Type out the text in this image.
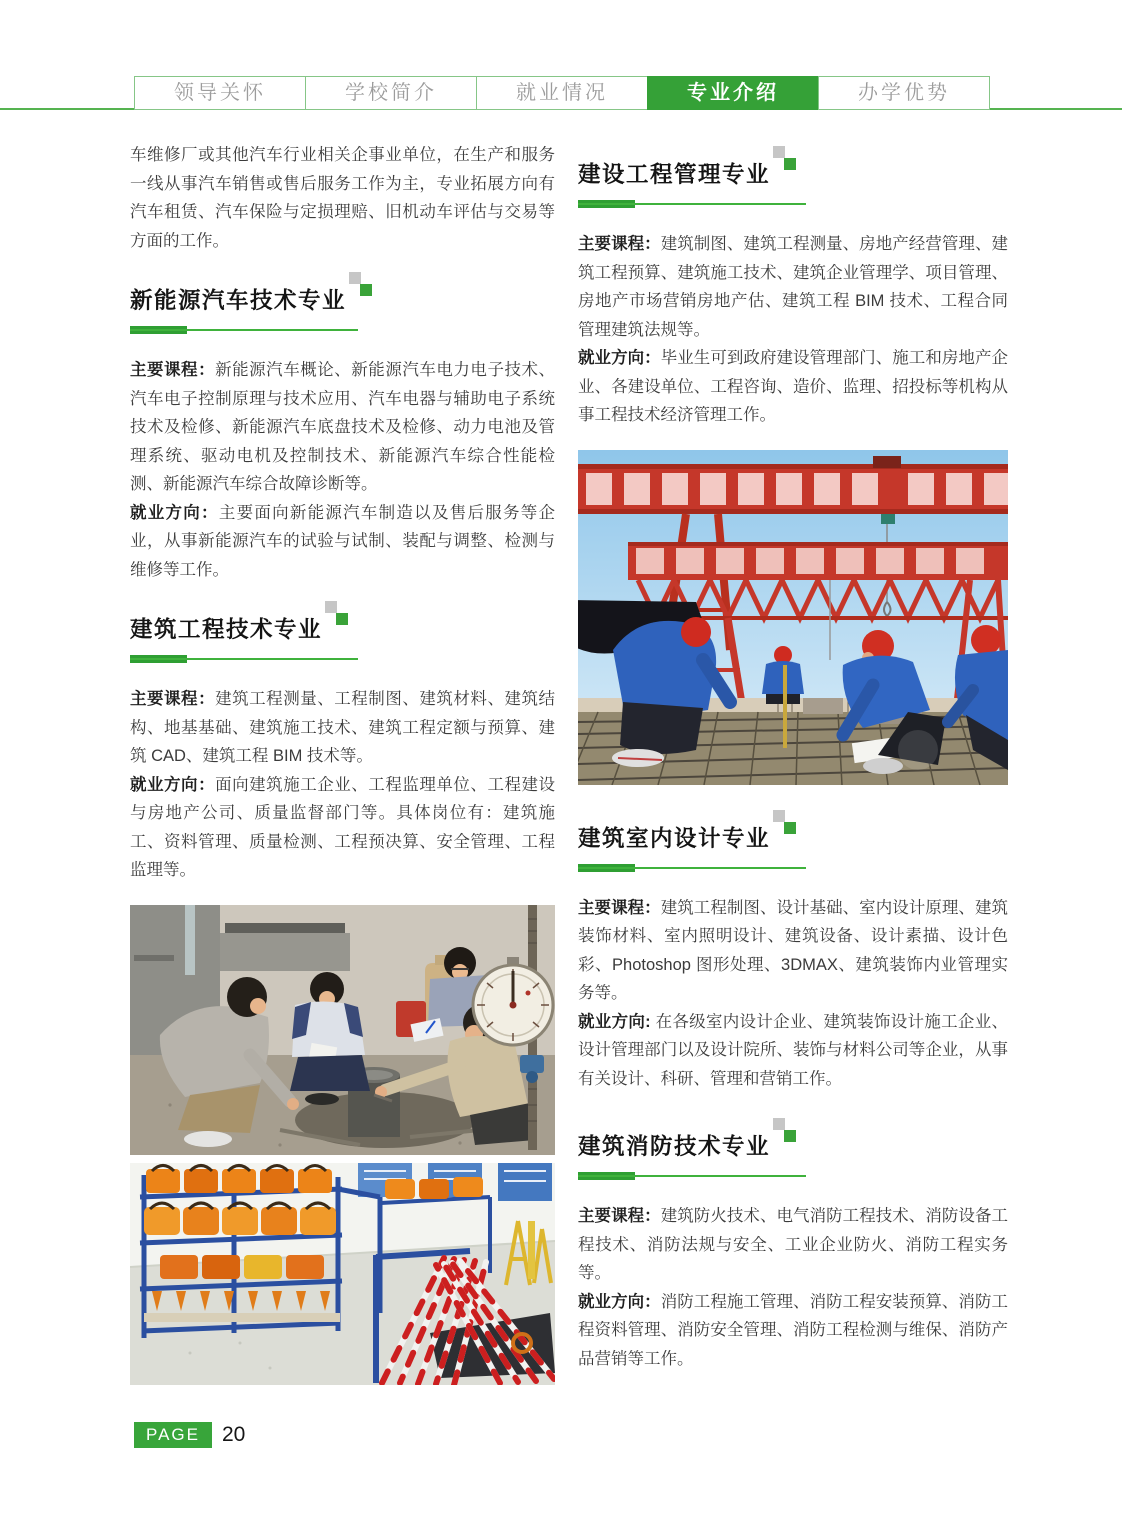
领导关怀	学校简介	就业情况	专业介绍	办学优势

车维修厂或其他汽车行业相关企事业单位，在生产和服务一线从事汽车销售或售后服务工作为主，专业拓展方向有汽车租赁、汽车保险与定损理赔、旧机动车评估与交易等方面的工作。

新能源汽车技术专业

主要课程：新能源汽车概论、新能源汽车电力电子技术、汽车电子控制原理与技术应用、汽车电器与辅助电子系统技术及检修、新能源汽车底盘技术及检修、动力电池及管理系统、驱动电机及控制技术、新能源汽车综合性能检测、新能源汽车综合故障诊断等。

就业方向：主要面向新能源汽车制造以及售后服务等企业，从事新能源汽车的试验与试制、装配与调整、检测与维修等工作。

建筑工程技术专业

主要课程：建筑工程测量、工程制图、建筑材料、建筑结构、地基基础、建筑施工技术、建筑工程定额与预算、建筑 CAD、建筑工程 BIM 技术等。

就业方向：面向建筑施工企业、工程监理单位、工程建设与房地产公司、质量监督部门等。具体岗位有：建筑施工、资料管理、质量检测、工程预决算、安全管理、工程监理等。

建设工程管理专业

主要课程：建筑制图、建筑工程测量、房地产经营管理、建筑工程预算、建筑施工技术、建筑企业管理学、项目管理、房地产市场营销房地产估、建筑工程 BIM 技术、工程合同管理建筑法规等。

就业方向：毕业生可到政府建设管理部门、施工和房地产企业、各建设单位、工程咨询、造价、监理、招投标等机构从事工程技术经济管理工作。

建筑室内设计专业

主要课程：建筑工程制图、设计基础、室内设计原理、建筑装饰材料、室内照明设计、建筑设备、设计素描、设计色彩、Photoshop 图形处理、3DMAX、建筑装饰内业管理实务等。

就业方向: 在各级室内设计企业、建筑装饰设计施工企业、设计管理部门以及设计院所、装饰与材料公司等企业，从事有关设计、科研、管理和营销工作。

建筑消防技术专业

主要课程：建筑防火技术、电气消防工程技术、消防设备工程技术、消防法规与安全、工业企业防火、消防工程实务等。

就业方向：消防工程施工管理、消防工程安装预算、消防工程资料管理、消防安全管理、消防工程检测与维保、消防产品营销等工作。

PAGE	20
